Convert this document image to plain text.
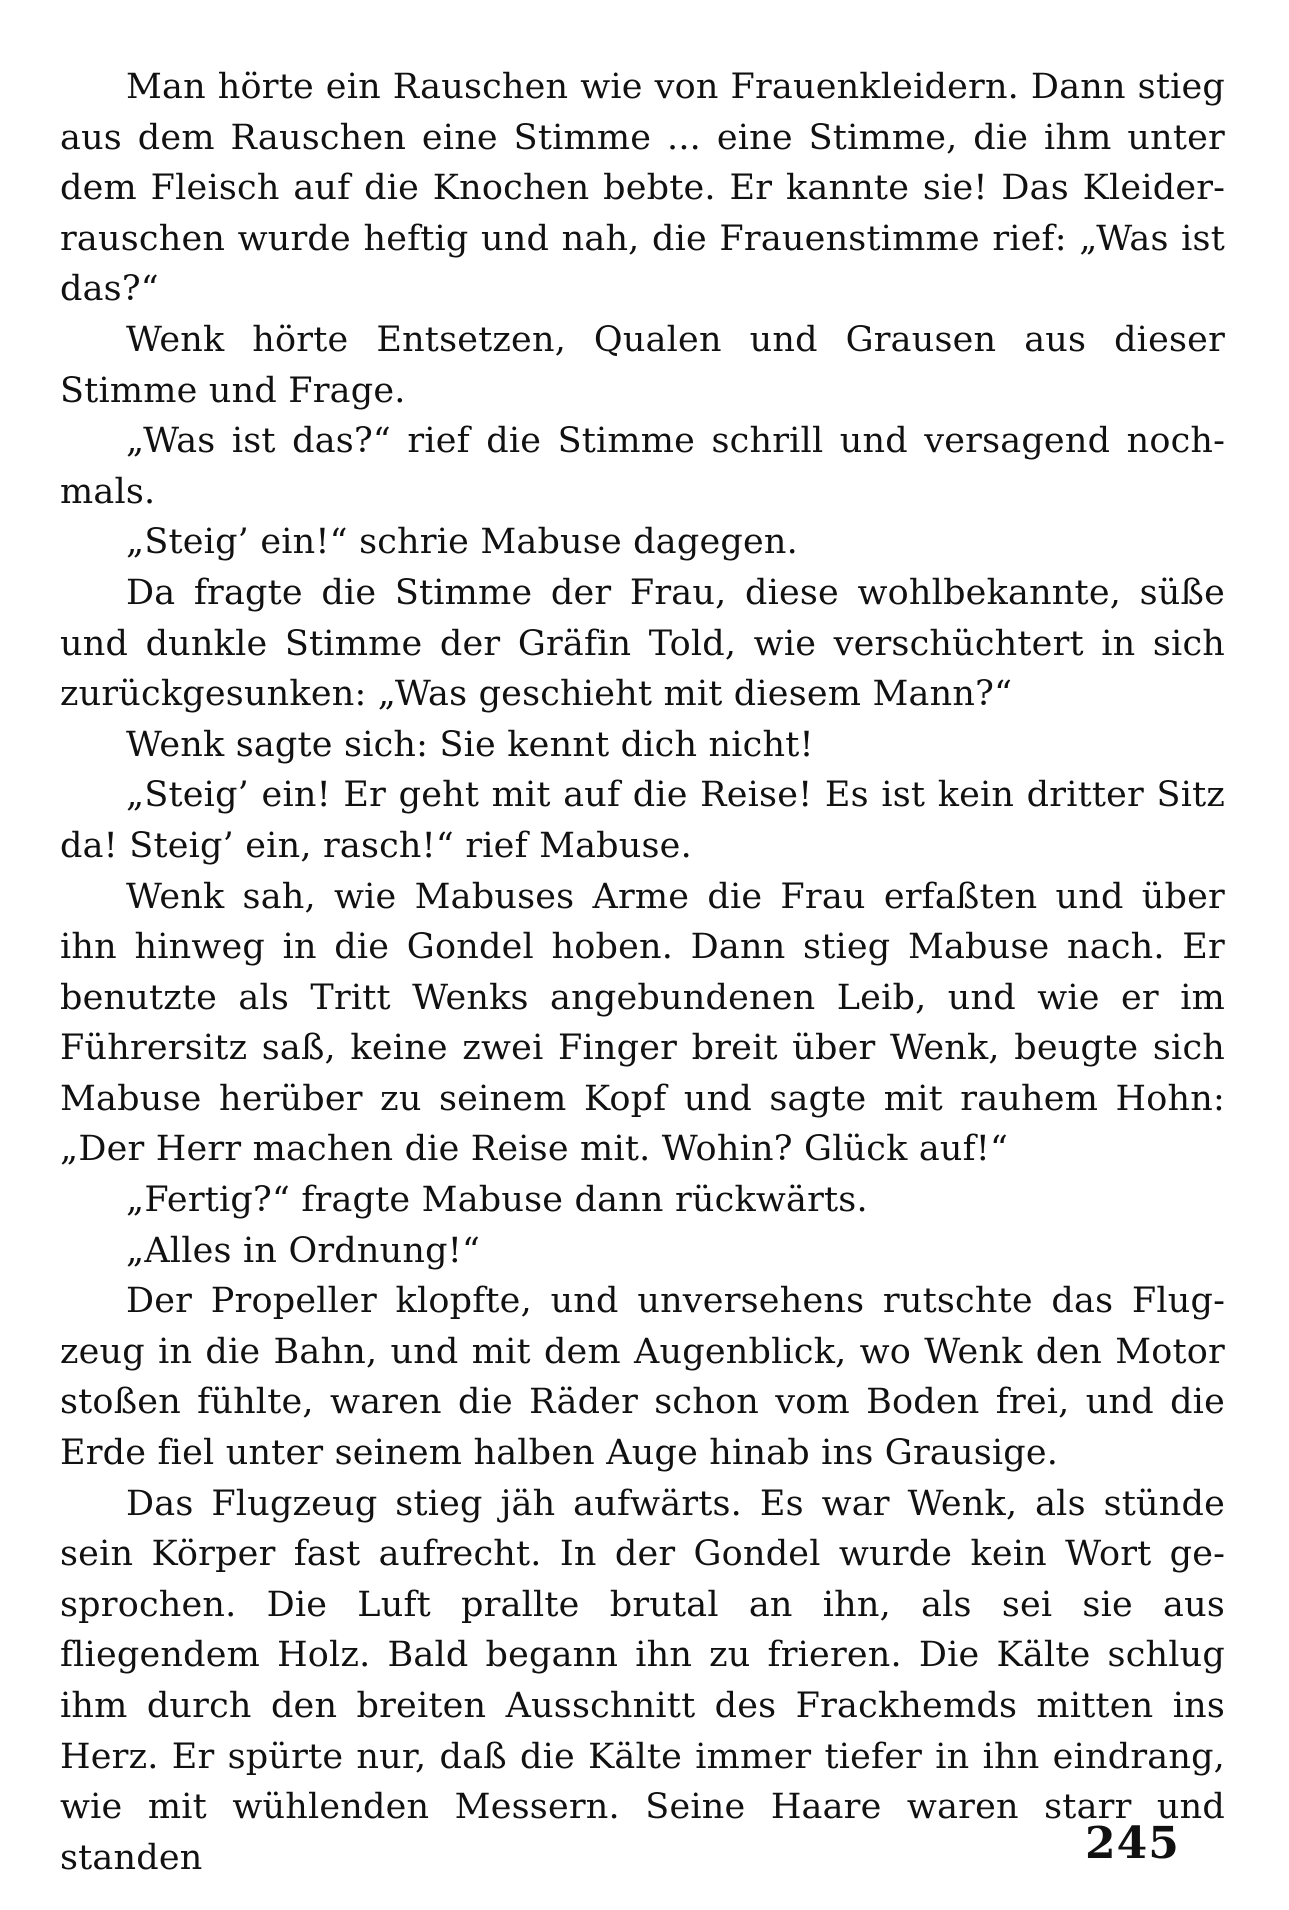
Man hörte ein Rauschen wie von Frauenkleidern. Dann stieg aus dem Rauschen eine Stimme ... eine Stimme, die ihm unter dem Fleisch auf die Knochen bebte. Er kannte sie! Das Kleiderrauschen wurde heftig und nah, die Frauenstimme rief: „Was ist das?“

Wenk hörte Entsetzen, Qualen und Grausen aus dieser Stimme und Frage.

„Was ist das?“ rief die Stimme schrill und versagend nochmals.

„Steig’ ein!“ schrie Mabuse dagegen.

Da fragte die Stimme der Frau, diese wohlbekannte, süße und dunkle Stimme der Gräfin Told, wie verschüchtert in sich zurückgesunken: „Was geschieht mit diesem Mann?“

Wenk sagte sich: Sie kennt dich nicht!

„Steig’ ein! Er geht mit auf die Reise! Es ist kein dritter Sitz da! Steig’ ein, rasch!“ rief Mabuse.

Wenk sah, wie Mabuses Arme die Frau erfaßten und über ihn hinweg in die Gondel hoben. Dann stieg Mabuse nach. Er benutzte als Tritt Wenks angebundenen Leib, und wie er im Führersitz saß, keine zwei Finger breit über Wenk, beugte sich Mabuse herüber zu seinem Kopf und sagte mit rauhem Hohn: „Der Herr machen die Reise mit. Wohin? Glück auf!“

„Fertig?“ fragte Mabuse dann rückwärts.

„Alles in Ordnung!“

Der Propeller klopfte, und unversehens rutschte das Flugzeug in die Bahn, und mit dem Augenblick, wo Wenk den Motor stoßen fühlte, waren die Räder schon vom Boden frei, und die Erde fiel unter seinem halben Auge hinab ins Grausige.

Das Flugzeug stieg jäh aufwärts. Es war Wenk, als stünde sein Körper fast aufrecht. In der Gondel wurde kein Wort gesprochen. Die Luft prallte brutal an ihn, als sei sie aus fliegendem Holz. Bald begann ihn zu frieren. Die Kälte schlug ihm durch den breiten Ausschnitt des Frackhemds mitten ins Herz. Er spürte nur, daß die Kälte immer tiefer in ihn eindrang, wie mit wühlenden Messern. Seine Haare waren starr und standen	245
